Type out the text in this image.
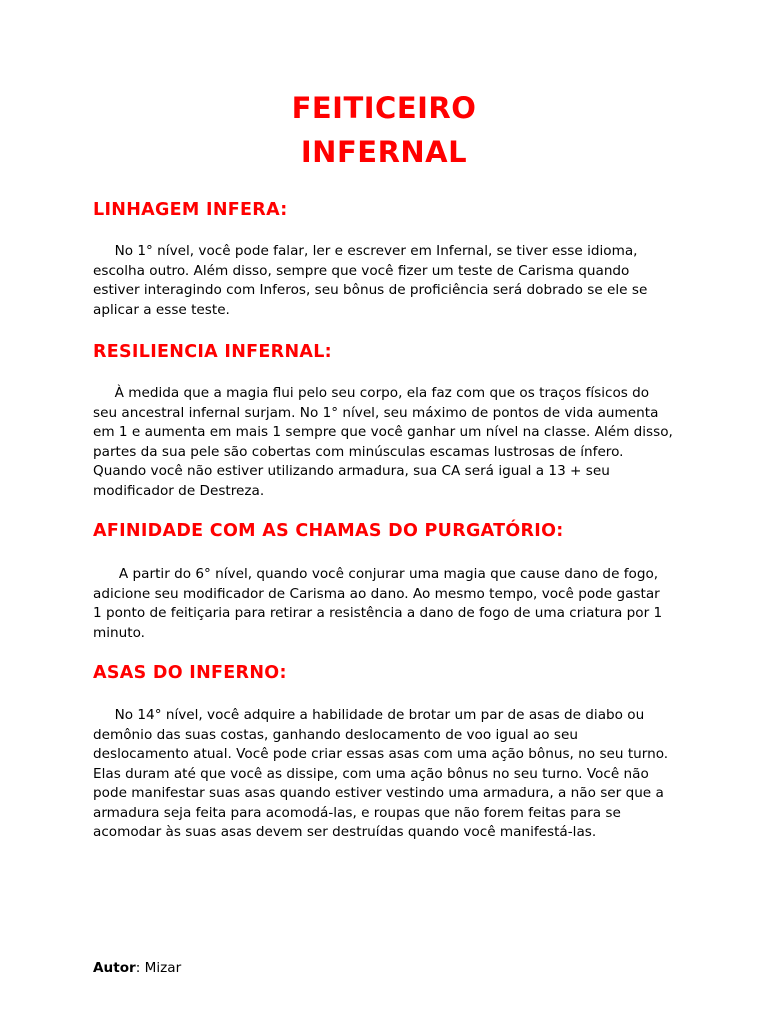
FEITICEIRO
INFERNAL
LINHAGEM INFERA:
No 1° nível, você pode falar, ler e escrever em Infernal, se tiver esse idioma,
escolha outro. Além disso, sempre que você fizer um teste de Carisma quando
estiver interagindo com Inferos, seu bônus de proficiência será dobrado se ele se
aplicar a esse teste.
RESILIENCIA INFERNAL:
À medida que a magia flui pelo seu corpo, ela faz com que os traços físicos do
seu ancestral infernal surjam. No 1° nível, seu máximo de pontos de vida aumenta
em 1 e aumenta em mais 1 sempre que você ganhar um nível na classe. Além disso,
partes da sua pele são cobertas com minúsculas escamas lustrosas de ínfero.
Quando você não estiver utilizando armadura, sua CA será igual a 13 + seu
modificador de Destreza.
AFINIDADE COM AS CHAMAS DO PURGATÓRIO:
A partir do 6° nível, quando você conjurar uma magia que cause dano de fogo,
adicione seu modificador de Carisma ao dano. Ao mesmo tempo, você pode gastar
1 ponto de feitiçaria para retirar a resistência a dano de fogo de uma criatura por 1
minuto.
ASAS DO INFERNO:
No 14° nível, você adquire a habilidade de brotar um par de asas de diabo ou
demônio das suas costas, ganhando deslocamento de voo igual ao seu
deslocamento atual. Você pode criar essas asas com uma ação bônus, no seu turno.
Elas duram até que você as dissipe, com uma ação bônus no seu turno. Você não
pode manifestar suas asas quando estiver vestindo uma armadura, a não ser que a
armadura seja feita para acomodá-las, e roupas que não forem feitas para se
acomodar às suas asas devem ser destruídas quando você manifestá-las.
Autor: Mizar
